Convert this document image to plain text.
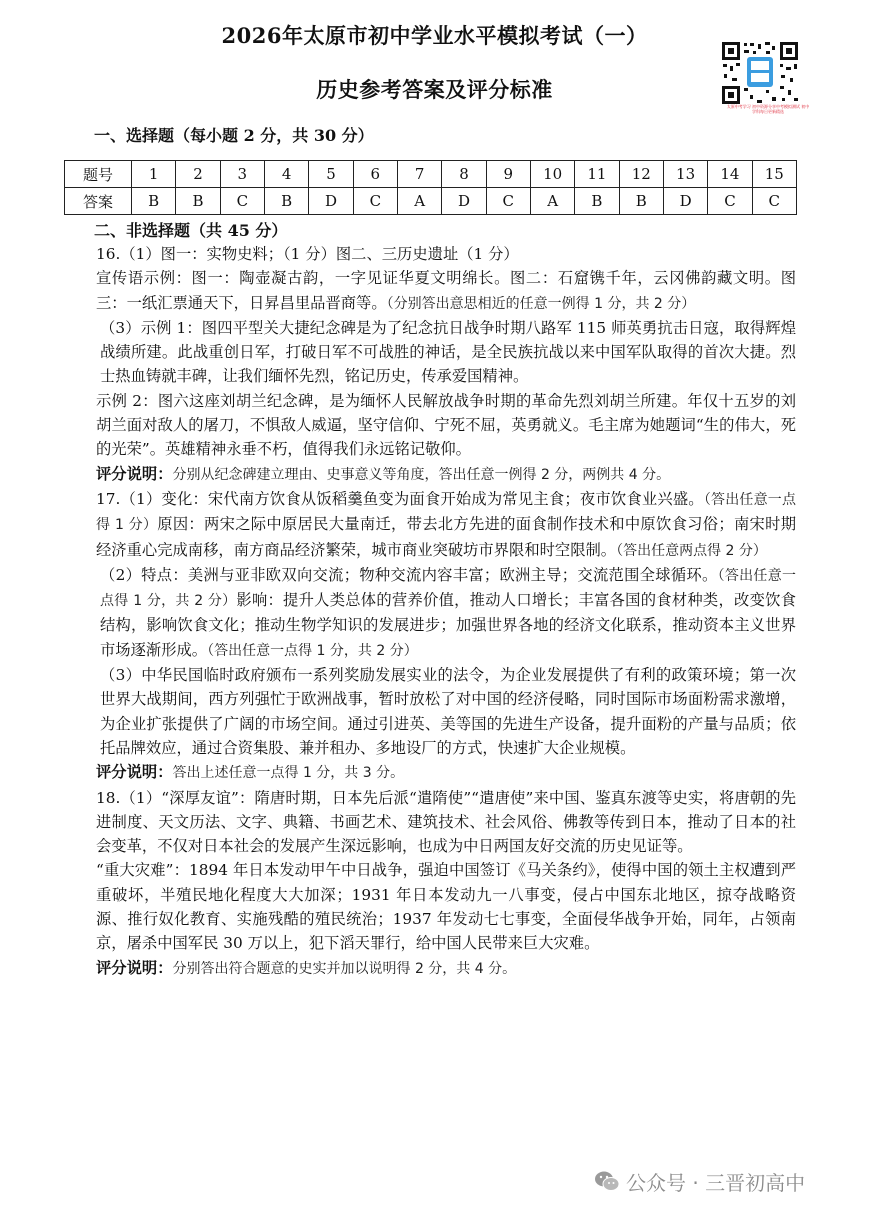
2026年太原市初中学业水平模拟考试（一）
历史参考答案及评分标准
太原中考学习 初中资源分享中考模拟测试 初中学科每日更新精选
一、选择题（每小题 2 分，共 30 分）
题号	1	2	3	4	5	6	7	8	9	10	11	12	13	14	15
答案	B	B	C	B	D	C	A	D	C	A	B	B	D	C	C
二、非选择题（共 45 分）

16.（1）图一：实物史料；（1 分）图二、三历史遗址（1 分）

宣传语示例：图一：陶壶凝古韵，一字见证华夏文明绵长。图二：石窟镌千年，云冈佛韵藏文明。图三：一纸汇票通天下，日昇昌里品晋商等。（分别答出意思相近的任意一例得 1 分，共 2 分）

（3）示例 1：图四平型关大捷纪念碑是为了纪念抗日战争时期八路军 115 师英勇抗击日寇，取得辉煌战绩所建。此战重创日军，打破日军不可战胜的神话，是全民族抗战以来中国军队取得的首次大捷。烈士热血铸就丰碑，让我们缅怀先烈，铭记历史，传承爱国精神。

示例 2：图六这座刘胡兰纪念碑，是为缅怀人民解放战争时期的革命先烈刘胡兰所建。年仅十五岁的刘胡兰面对敌人的屠刀，不惧敌人威逼，坚守信仰、宁死不屈，英勇就义。毛主席为她题词“生的伟大，死的光荣”。英雄精神永垂不朽，值得我们永远铭记敬仰。

评分说明：分别从纪念碑建立理由、史事意义等角度，答出任意一例得 2 分，两例共 4 分。

17.（1）变化：宋代南方饮食从饭稻羹鱼变为面食开始成为常见主食；夜市饮食业兴盛。（答出任意一点得 1 分）原因：两宋之际中原居民大量南迁，带去北方先进的面食制作技术和中原饮食习俗；南宋时期经济重心完成南移，南方商品经济繁荣，城市商业突破坊市界限和时空限制。（答出任意两点得 2 分）

（2）特点：美洲与亚非欧双向交流；物种交流内容丰富；欧洲主导；交流范围全球循环。（答出任意一点得 1 分，共 2 分）影响：提升人类总体的营养价值，推动人口增长；丰富各国的食材种类，改变饮食结构，影响饮食文化；推动生物学知识的发展进步；加强世界各地的经济文化联系，推动资本主义世界市场逐渐形成。（答出任意一点得 1 分，共 2 分）

（3）中华民国临时政府颁布一系列奖励发展实业的法令，为企业发展提供了有利的政策环境；第一次世界大战期间，西方列强忙于欧洲战事，暂时放松了对中国的经济侵略，同时国际市场面粉需求激增，为企业扩张提供了广阔的市场空间。通过引进英、美等国的先进生产设备，提升面粉的产量与品质；依托品牌效应，通过合资集股、兼并租办、多地设厂的方式，快速扩大企业规模。

评分说明：答出上述任意一点得 1 分，共 3 分。

18.（1）“深厚友谊”：隋唐时期，日本先后派“遣隋使”“遣唐使”来中国、鉴真东渡等史实，将唐朝的先进制度、天文历法、文字、典籍、书画艺术、建筑技术、社会风俗、佛教等传到日本，推动了日本的社会变革，不仅对日本社会的发展产生深远影响，也成为中日两国友好交流的历史见证等。

“重大灾难”：1894 年日本发动甲午中日战争，强迫中国签订《马关条约》，使得中国的领土主权遭到严重破坏，半殖民地化程度大大加深；1931 年日本发动九一八事变，侵占中国东北地区，掠夺战略资源、推行奴化教育、实施残酷的殖民统治；1937 年发动七七事变，全面侵华战争开始，同年，占领南京，屠杀中国军民 30 万以上，犯下滔天罪行，给中国人民带来巨大灾难。

评分说明：分别答出符合题意的史实并加以说明得 2 分，共 4 分。

公众号 · 三晋初高中
